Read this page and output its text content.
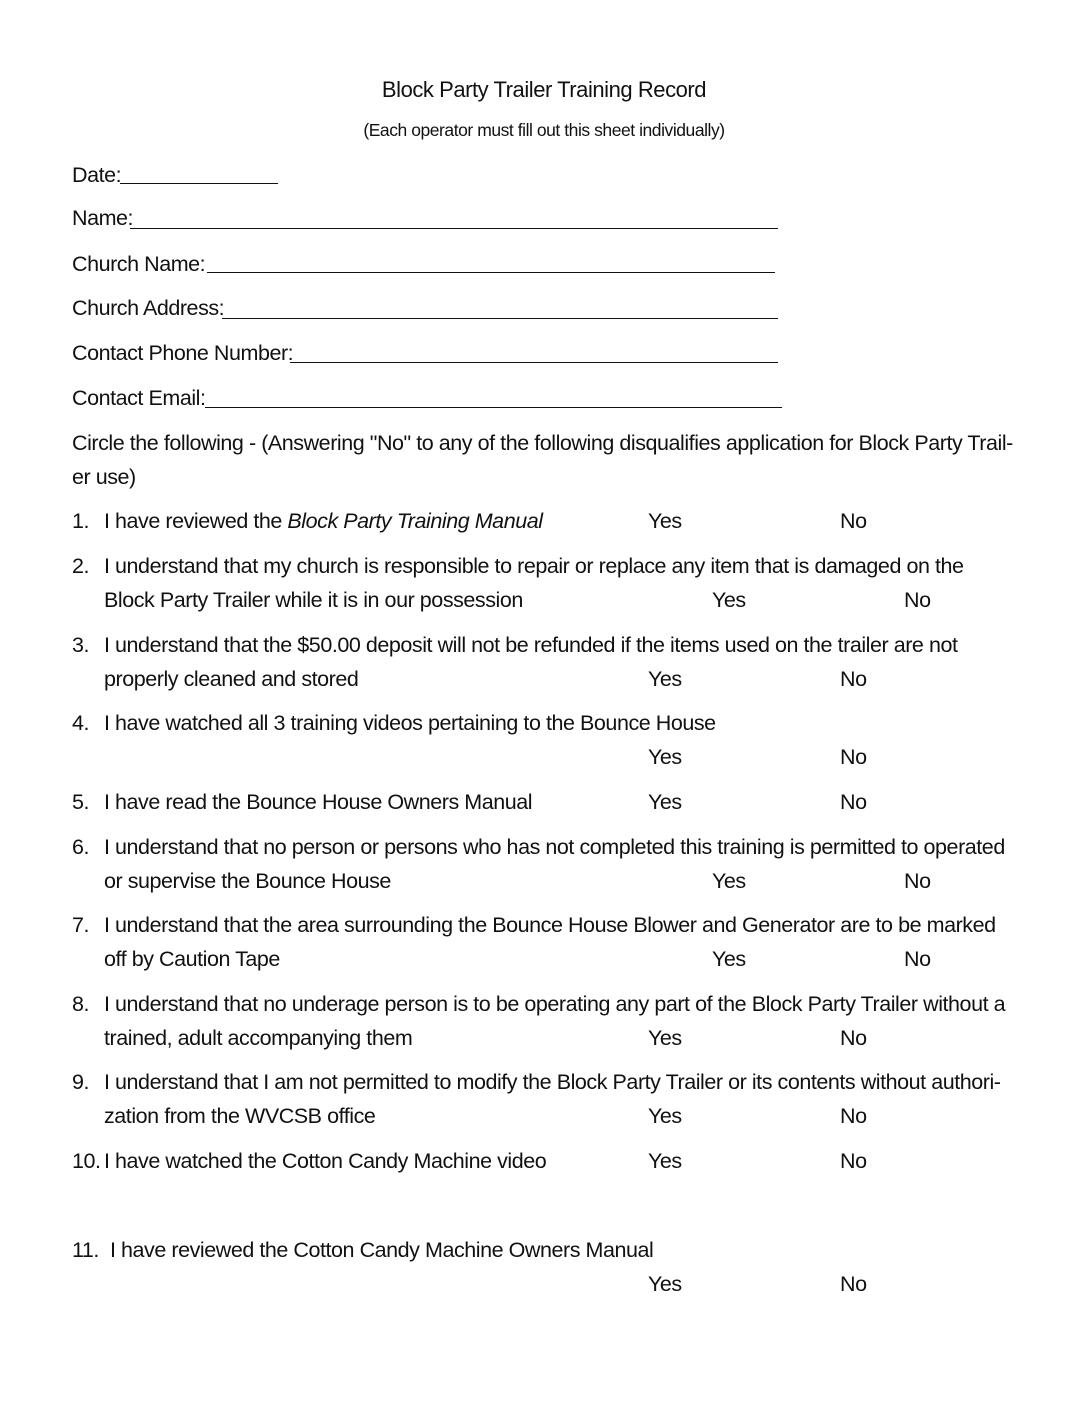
Block Party Trailer Training Record
(Each operator must fill out this sheet individually)
Date:
Name:
Church Name:
Church Address:
Contact Phone Number:
Contact Email:
Circle the following - (Answering "No" to any of the following disqualifies application for Block Party Trail-
er use)
1. I have reviewed the Block Party Training Manual	Yes	No
2. I understand that my church is responsible to repair or replace any item that is damaged on the
Block Party Trailer while it is in our possession	Yes	No
3. I understand that the $50.00 deposit will not be refunded if the items used on the trailer are not
properly cleaned and stored	Yes	No
4. I have watched all 3 training videos pertaining to the Bounce House
Yes	No
5. I have read the Bounce House Owners Manual	Yes	No
6. I understand that no person or persons who has not completed this training is permitted to operated
or supervise the Bounce House	Yes	No
7. I understand that the area surrounding the Bounce House Blower and Generator are to be marked
off by Caution Tape	Yes	No
8. I understand that no underage person is to be operating any part of the Block Party Trailer without a
trained, adult accompanying them	Yes	No
9. I understand that I am not permitted to modify the Block Party Trailer or its contents without authori-
zation from the WVCSB office	Yes	No
10. I have watched the Cotton Candy Machine video	Yes	No
11. I have reviewed the Cotton Candy Machine Owners Manual
Yes	No
